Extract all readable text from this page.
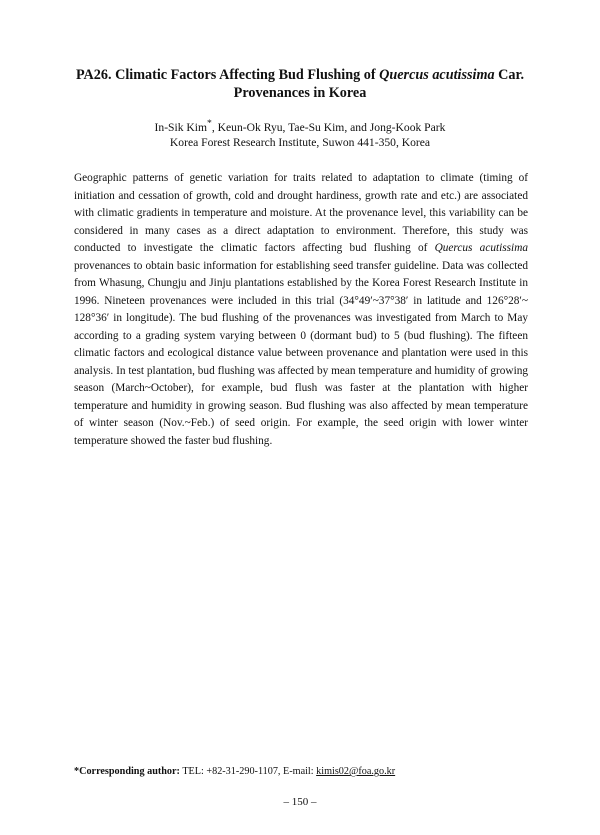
PA26. Climatic Factors Affecting Bud Flushing of Quercus acutissima Car.
Provenances in Korea
In-Sik Kim*, Keun-Ok Ryu, Tae-Su Kim, and Jong-Kook Park
Korea Forest Research Institute, Suwon 441-350, Korea
Geographic patterns of genetic variation for traits related to adaptation to climate (timing of initiation and cessation of growth, cold and drought hardiness, growth rate and etc.) are associated with climatic gradients in temperature and moisture. At the provenance level, this variability can be considered in many cases as a direct adaptation to environment. Therefore, this study was conducted to investigate the climatic factors affecting bud flushing of Quercus acutissima provenances to obtain basic information for establishing seed transfer guideline. Data was collected from Whasung, Chungju and Jinju plantations established by the Korea Forest Research Institute in 1996. Nineteen provenances were included in this trial (34°49′~37°38′ in latitude and 126°28′~ 128°36′ in longitude). The bud flushing of the provenances was investigated from March to May according to a grading system varying between 0 (dormant bud) to 5 (bud flushing). The fifteen climatic factors and ecological distance value between provenance and plantation were used in this analysis. In test plantation, bud flushing was affected by mean temperature and humidity of growing season (March~October), for example, bud flush was faster at the plantation with higher temperature and humidity in growing season. Bud flushing was also affected by mean temperature of winter season (Nov.~Feb.) of seed origin. For example, the seed origin with lower winter temperature showed the faster bud flushing.
*Corresponding author: TEL: +82-31-290-1107, E-mail: kimis02@foa.go.kr
– 150 –
